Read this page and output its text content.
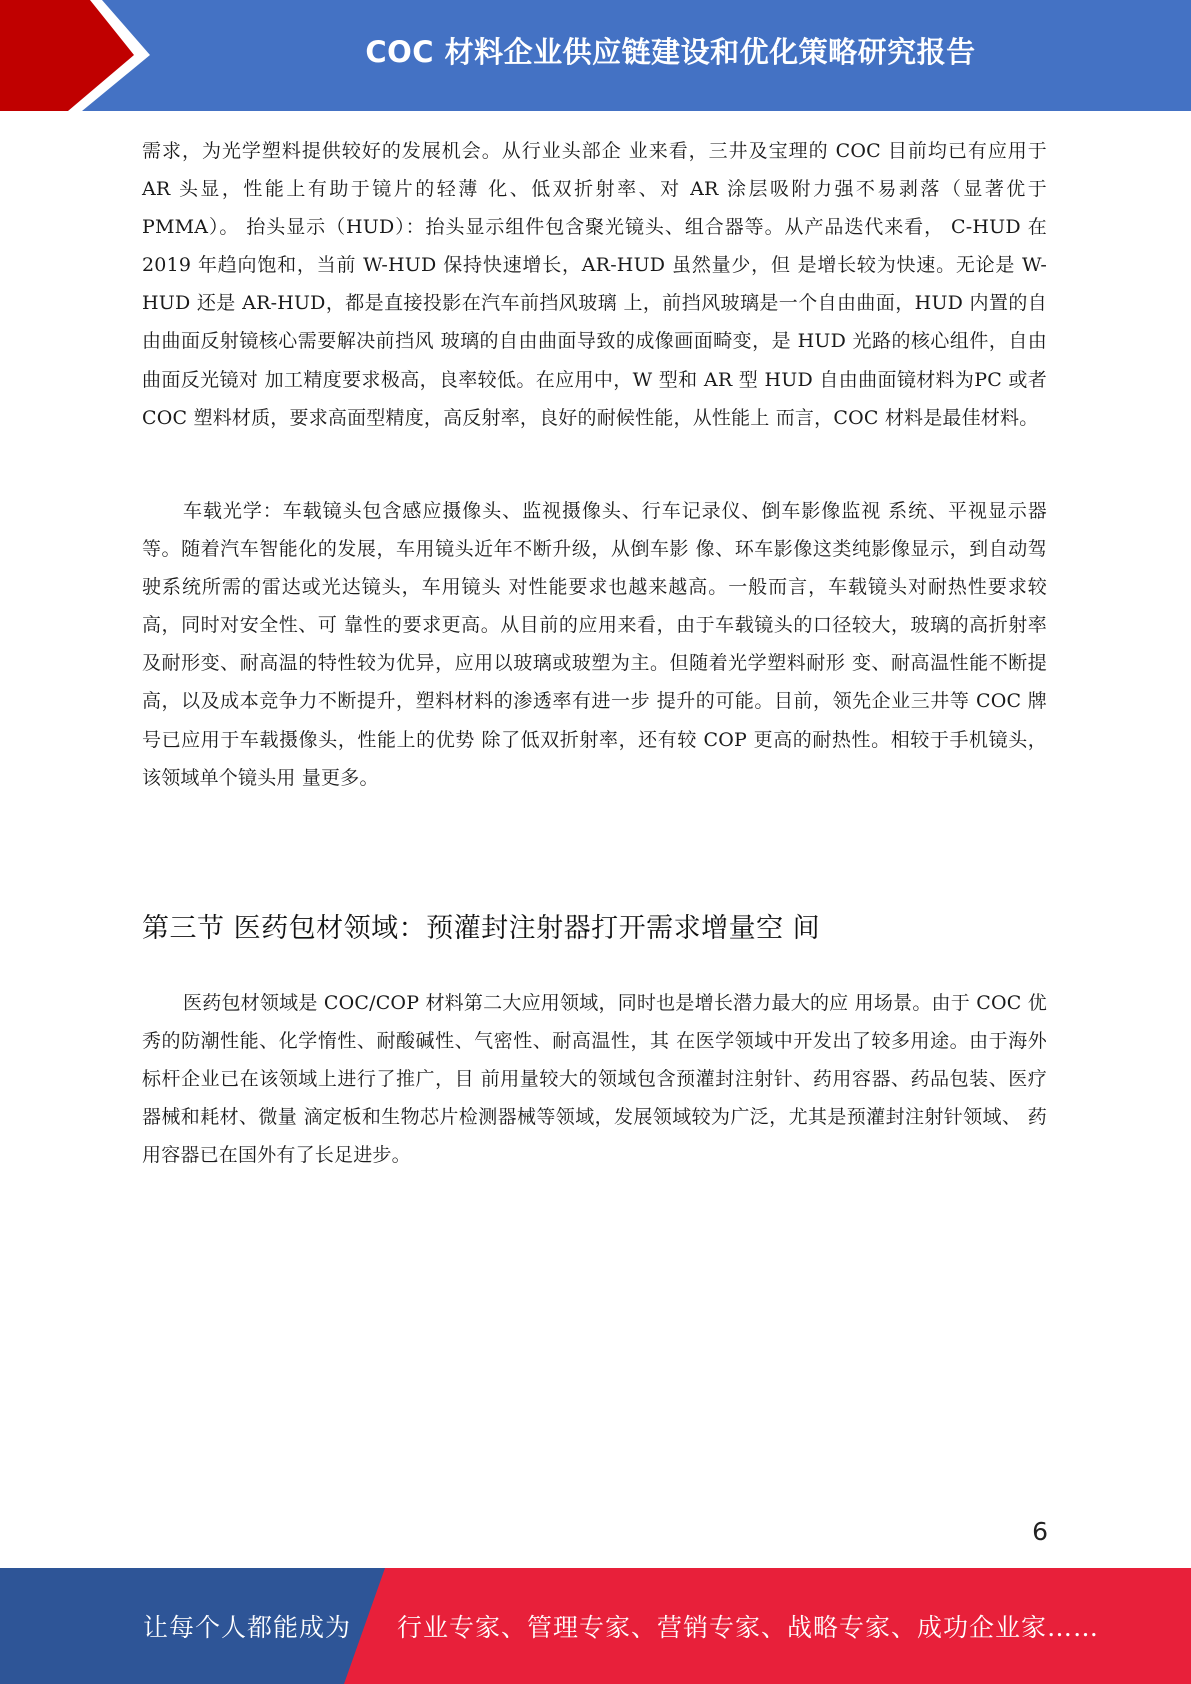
COC 材料企业供应链建设和优化策略研究报告

需求，为光学塑料提供较好的发展机会。从行业头部企 业来看，三井及宝理的 COC 目前均已有应用于 AR 头显，性能上有助于镜片的轻薄 化、低双折射率、对 AR 涂层吸附力强不易剥落（显著优于 PMMA）。 抬头显示（HUD）：抬头显示组件包含聚光镜头、组合器等。从产品迭代来看， C-HUD 在 2019 年趋向饱和，当前 W-HUD 保持快速增长，AR-HUD 虽然量少，但 是增长较为快速。无论是 W-HUD 还是 AR-HUD，都是直接投影在汽车前挡风玻璃 上，前挡风玻璃是一个自由曲面，HUD 内置的自由曲面反射镜核心需要解决前挡风 玻璃的自由曲面导致的成像画面畸变，是 HUD 光路的核心组件，自由曲面反光镜对 加工精度要求极高，良率较低。在应用中，W 型和 AR 型 HUD 自由曲面镜材料为PC 或者 COC 塑料材质，要求高面型精度，高反射率，良好的耐候性能，从性能上 而言，COC 材料是最佳材料。

车载光学：车载镜头包含感应摄像头、监视摄像头、行车记录仪、倒车影像监视 系统、平视显示器等。随着汽车智能化的发展，车用镜头近年不断升级，从倒车影 像、环车影像这类纯影像显示，到自动驾驶系统所需的雷达或光达镜头，车用镜头 对性能要求也越来越高。一般而言，车载镜头对耐热性要求较高，同时对安全性、可 靠性的要求更高。从目前的应用来看，由于车载镜头的口径较大，玻璃的高折射率 及耐形变、耐高温的特性较为优异，应用以玻璃或玻塑为主。但随着光学塑料耐形 变、耐高温性能不断提高，以及成本竞争力不断提升，塑料材料的渗透率有进一步 提升的可能。目前，领先企业三井等 COC 牌号已应用于车载摄像头，性能上的优势 除了低双折射率，还有较 COP 更高的耐热性。相较于手机镜头，该领域单个镜头用 量更多。

第三节 医药包材领域：预灌封注射器打开需求增量空 间

医药包材领域是 COC/COP 材料第二大应用领域，同时也是增长潜力最大的应 用场景。由于 COC 优秀的防潮性能、化学惰性、耐酸碱性、气密性、耐高温性，其 在医学领域中开发出了较多用途。由于海外标杆企业已在该领域上进行了推广，目 前用量较大的领域包含预灌封注射针、药用容器、药品包装、医疗器械和耗材、微量 滴定板和生物芯片检测器械等领域，发展领域较为广泛，尤其是预灌封注射针领域、 药用容器已在国外有了长足进步。

6
让每个人都能成为 行业专家、管理专家、营销专家、战略专家、成功企业家……
